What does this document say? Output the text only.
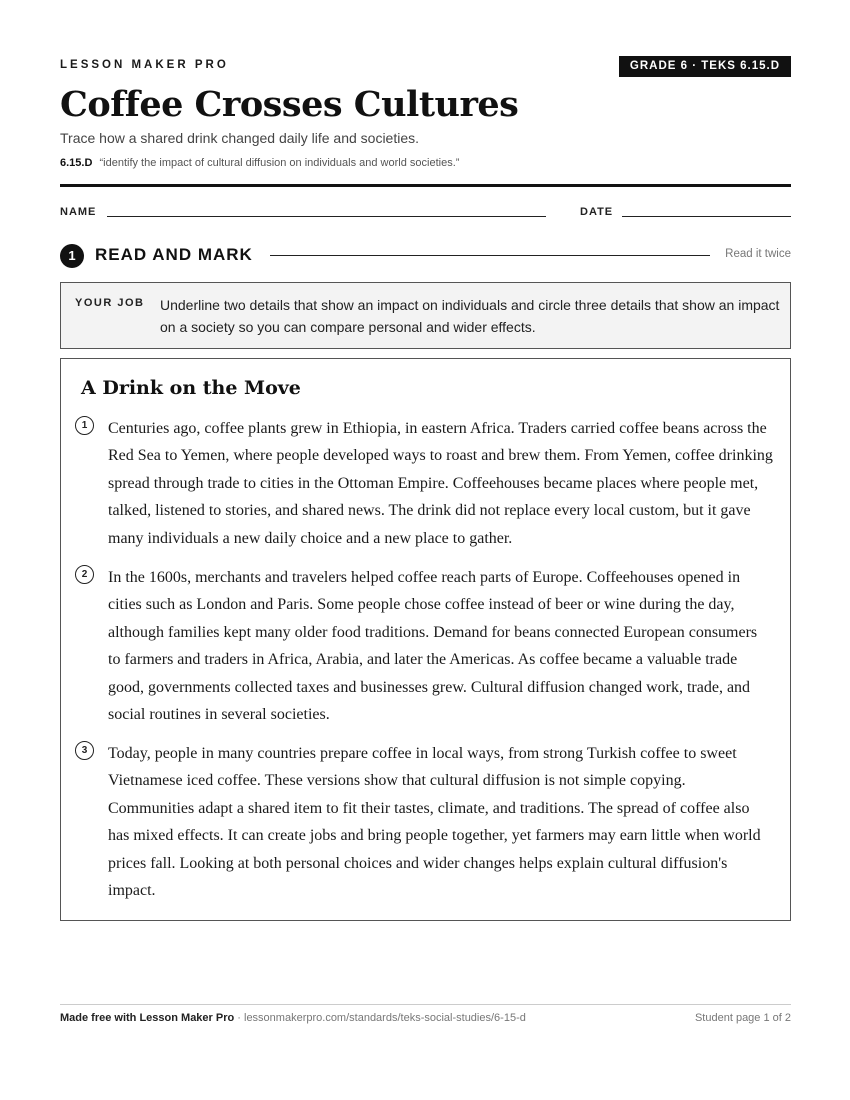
LESSON MAKER PRO	GRADE 6 · TEKS 6.15.D
Coffee Crosses Cultures
Trace how a shared drink changed daily life and societies.
6.15.D “identify the impact of cultural diffusion on individuals and world societies.”
NAME	DATE
1	READ AND MARK	Read it twice
YOUR JOB Underline two details that show an impact on individuals and circle three details that show an impact on a society so you can compare personal and wider effects.
A Drink on the Move
1	Centuries ago, coffee plants grew in Ethiopia, in eastern Africa. Traders carried coffee beans across the Red Sea to Yemen, where people developed ways to roast and brew them. From Yemen, coffee drinking spread through trade to cities in the Ottoman Empire. Coffeehouses became places where people met, talked, listened to stories, and shared news. The drink did not replace every local custom, but it gave many individuals a new daily choice and a new place to gather.

2	In the 1600s, merchants and travelers helped coffee reach parts of Europe. Coffeehouses opened in cities such as London and Paris. Some people chose coffee instead of beer or wine during the day, although families kept many older food traditions. Demand for beans connected European consumers to farmers and traders in Africa, Arabia, and later the Americas. As coffee became a valuable trade good, governments collected taxes and businesses grew. Cultural diffusion changed work, trade, and social routines in several societies.

3	Today, people in many countries prepare coffee in local ways, from strong Turkish coffee to sweet Vietnamese iced coffee. These versions show that cultural diffusion is not simple copying. Communities adapt a shared item to fit their tastes, climate, and traditions. The spread of coffee also has mixed effects. It can create jobs and bring people together, yet farmers may earn little when world prices fall. Looking at both personal choices and wider changes helps explain cultural diffusion's impact.

Made free with Lesson Maker Pro · lessonmakerpro.com/standards/teks-social-studies/6-15-d	Student page 1 of 2
